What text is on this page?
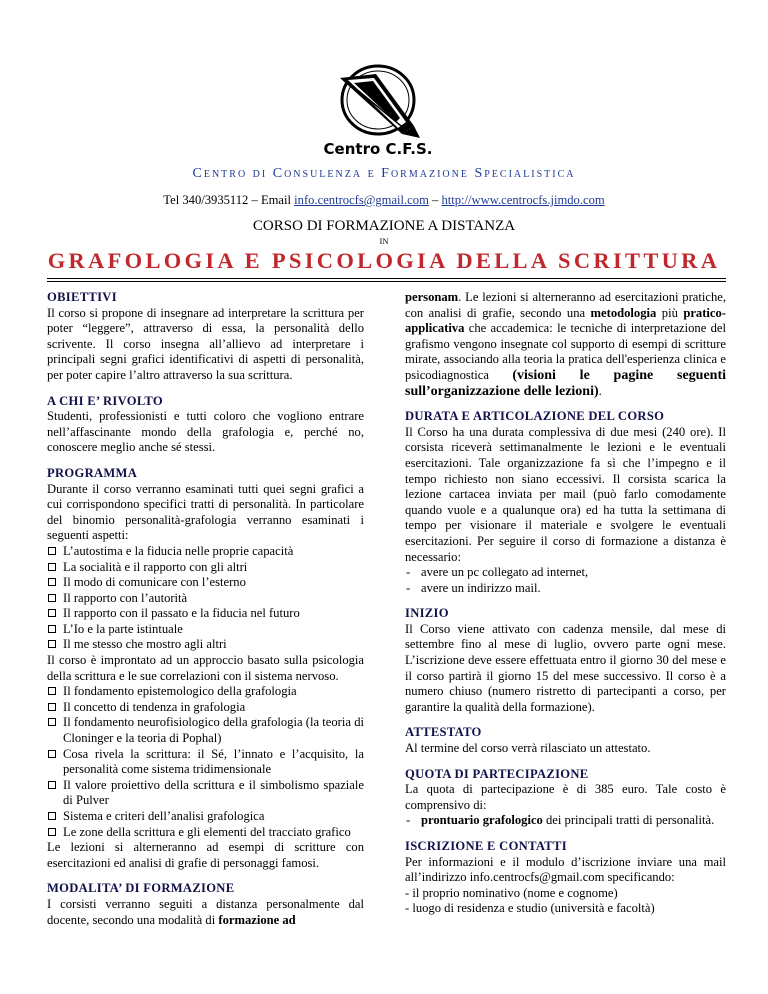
Centro C.F.S.
Centro di Consulenza e Formazione Specialistica
Tel 340/3935112 – Email info.centrocfs@gmail.com – http://www.centrocfs.jimdo.com
CORSO DI FORMAZIONE A DISTANZA
IN
GRAFOLOGIA E PSICOLOGIA DELLA SCRITTURA
OBIETTIVI

Il corso si propone di insegnare ad interpretare la scrittura per poter “leggere”, attraverso di essa, la personalità dello scrivente. Il corso insegna all’allievo ad interpretare i principali segni grafici identificativi di aspetti di personalità, per poter capire l’altro attraverso la sua scrittura.

A CHI E’ RIVOLTO

Studenti, professionisti e tutti coloro che vogliono entrare nell’affascinante mondo della grafologia e, perché no, conoscere meglio anche sé stessi.

PROGRAMMA

Durante il corso verranno esaminati tutti quei segni grafici a cui corrispondono specifici tratti di personalità. In particolare del binomio personalità-grafologia verranno esaminati i seguenti aspetti:

L’autostima e la fiducia nelle proprie capacità
La socialità e il rapporto con gli altri
Il modo di comunicare con l’esterno
Il rapporto con l’autorità
Il rapporto con il passato e la fiducia nel futuro
L’Io e la parte istintuale
Il me stesso che mostro agli altri

Il corso è improntato ad un approccio basato sulla psicologia della scrittura e le sue correlazioni con il sistema nervoso.

Il fondamento epistemologico della grafologia
Il concetto di tendenza in grafologia
Il fondamento neurofisiologico della grafologia (la teoria di Cloninger e la teoria di Pophal)
Cosa rivela la scrittura: il Sé, l’innato e l’acquisito, la personalità come sistema tridimensionale
Il valore proiettivo della scrittura e il simbolismo spaziale di Pulver
Sistema e criteri dell’analisi grafologica
Le zone della scrittura e gli elementi del tracciato grafico

Le lezioni si alterneranno ad esempi di scritture con esercitazioni ed analisi di grafie di personaggi famosi.

MODALITA’ DI FORMAZIONE

I corsisti verranno seguiti a distanza personalmente dal docente, secondo una modalità di formazione ad

personam. Le lezioni si alterneranno ad esercitazioni pratiche, con analisi di grafie, secondo una metodologia più pratico-applicativa che accademica: le tecniche di interpretazione del grafismo vengono insegnate col supporto di esempi di scritture mirate, associando alla teoria la pratica dell'esperienza clinica e psicodiagnostica (visioni le pagine seguenti sull’organizzazione delle lezioni).

DURATA E ARTICOLAZIONE DEL CORSO

Il Corso ha una durata complessiva di due mesi (240 ore). Il corsista riceverà settimanalmente le lezioni e le eventuali esercitazioni. Tale organizzazione fa sì che l’impegno e il tempo richiesto non siano eccessivi. Il corsista scarica la lezione cartacea inviata per mail (può farlo comodamente quando vuole e a qualunque ora) ed ha tutta la settimana di tempo per visionare il materiale e svolgere le eventuali esercitazioni. Per seguire il corso di formazione a distanza è necessario:

- avere un pc collegato ad internet,
- avere un indirizzo mail.
INIZIO

Il Corso viene attivato con cadenza mensile, dal mese di settembre fino al mese di luglio, ovvero parte ogni mese. L’iscrizione deve essere effettuata entro il giorno 30 del mese e il corso partirà il giorno 15 del mese successivo. Il corso è a numero chiuso (numero ristretto di partecipanti a corso, per garantire la qualità della formazione).

ATTESTATO

Al termine del corso verrà rilasciato un attestato.

QUOTA DI PARTECIPAZIONE

La quota di partecipazione è di 385 euro. Tale costo è comprensivo di:

- prontuario grafologico dei principali tratti di personalità.
ISCRIZIONE E CONTATTI

Per informazioni e il modulo d’iscrizione inviare una mail all’indirizzo info.centrocfs@gmail.com specificando:

- il proprio nominativo (nome e cognome)
- luogo di residenza e studio (università e facoltà)
